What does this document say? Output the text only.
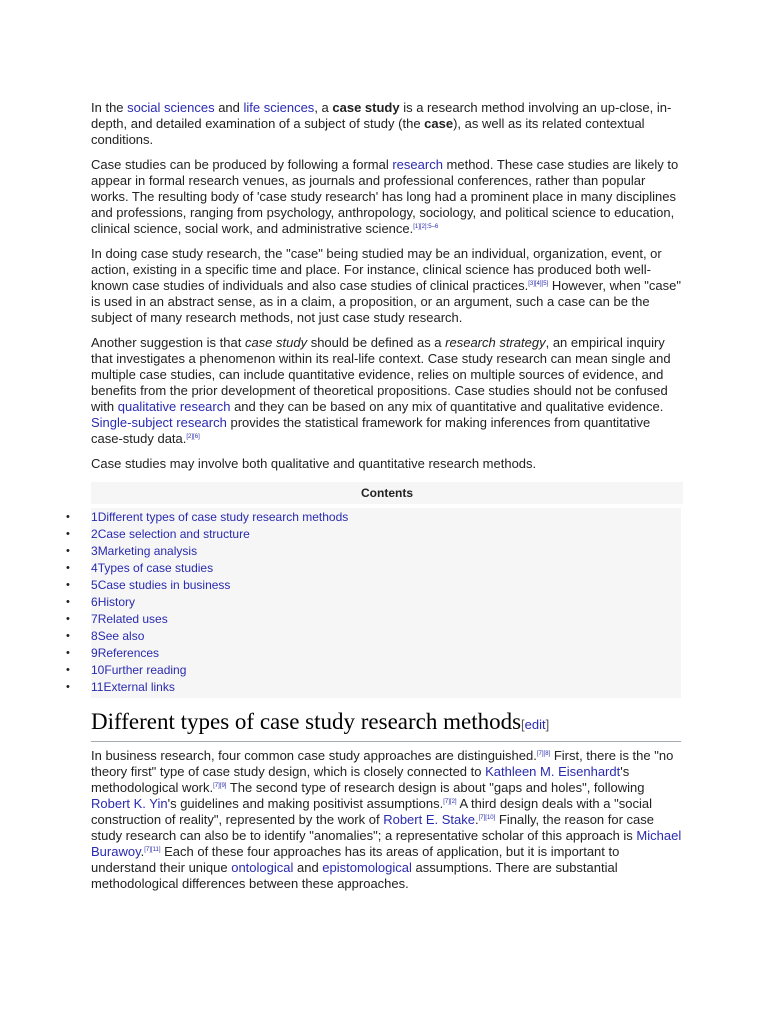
In the social sciences and life sciences, a case study is a research method involving an up-close, in-depth, and detailed examination of a subject of study (the case), as well as its related contextual conditions.

Case studies can be produced by following a formal research method. These case studies are likely to appear in formal research venues, as journals and professional conferences, rather than popular works. The resulting body of 'case study research' has long had a prominent place in many disciplines and professions, ranging from psychology, anthropology, sociology, and political science to education, clinical science, social work, and administrative science.$^{[1][2]:5-6}$

In doing case study research, the "case" being studied may be an individual, organization, event, or action, existing in a specific time and place. For instance, clinical science has produced both well-known case studies of individuals and also case studies of clinical practices.[3][4][5] However, when "case" is used in an abstract sense, as in a claim, a proposition, or an argument, such a case can be the subject of many research methods, not just case study research.

Another suggestion is that case study should be defined as a research strategy, an empirical inquiry that investigates a phenomenon within its real-life context. Case study research can mean single and multiple case studies, can include quantitative evidence, relies on multiple sources of evidence, and benefits from the prior development of theoretical propositions. Case studies should not be confused with qualitative research and they can be based on any mix of quantitative and qualitative evidence. Single-subject research provides the statistical framework for making inferences from quantitative case-study data.[2][6]

Case studies may involve both qualitative and quantitative research methods.

Contents
• 1Different types of case study research methods
• 2Case selection and structure
• 3Marketing analysis
• 4Types of case studies
• 5Case studies in business
• 6History
• 7Related uses
• 8See also
• 9References
• 10Further reading
• 11External links
Different types of case study research methods[edit]

In business research, four common case study approaches are distinguished.[7][8] First, there is the "no theory first" type of case study design, which is closely connected to Kathleen M. Eisenhardt's methodological work.[7][9] The second type of research design is about "gaps and holes", following Robert K. Yin's guidelines and making positivist assumptions.[7][2] A third design deals with a "social construction of reality", represented by the work of Robert E. Stake.[7][10] Finally, the reason for case study research can also be to identify "anomalies"; a representative scholar of this approach is Michael Burawoy.[7][11] Each of these four approaches has its areas of application, but it is important to understand their unique ontological and epistomological assumptions. There are substantial methodological differences between these approaches.
